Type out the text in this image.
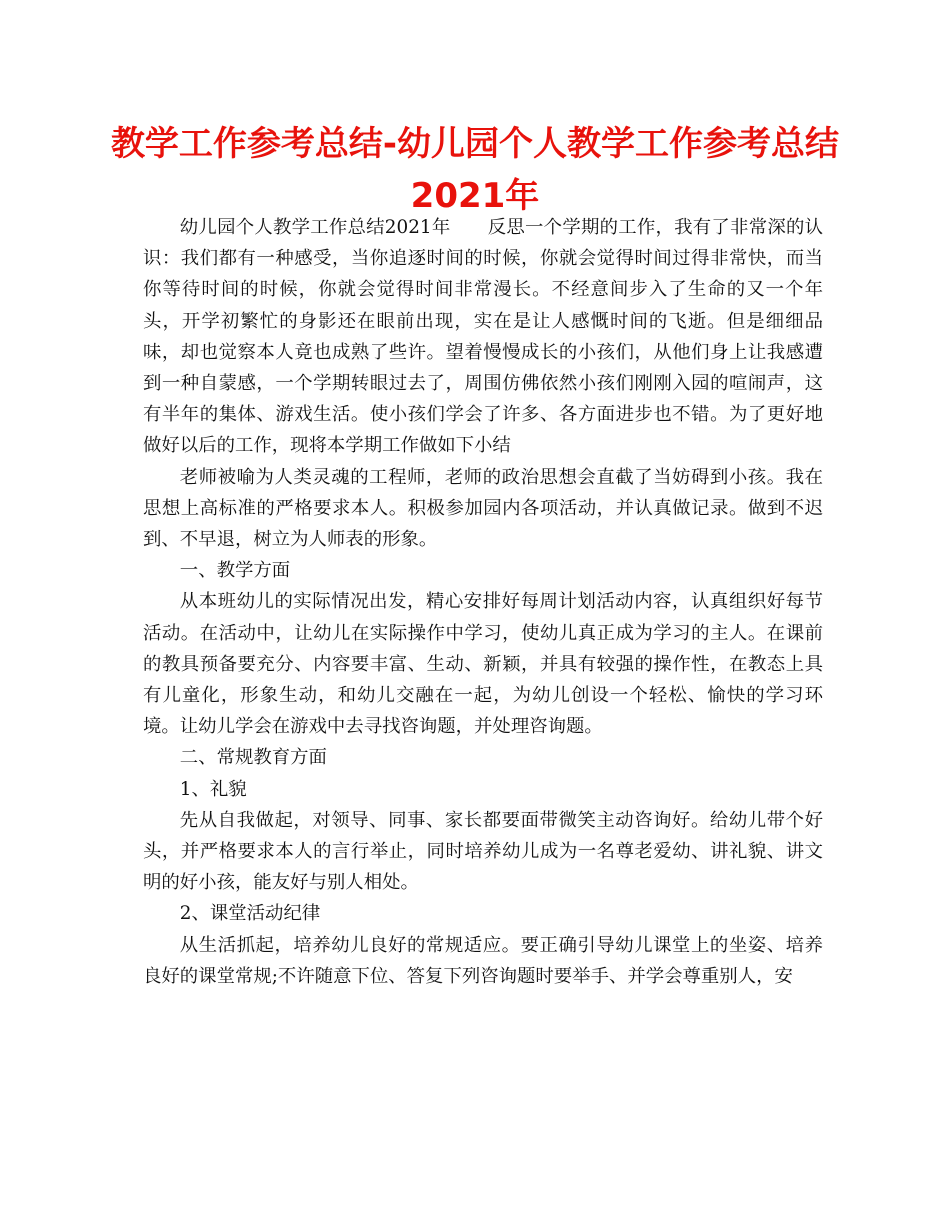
教学工作参考总结-幼儿园个人教学工作参考总结2021年

幼儿园个人教学工作总结2021年　　反思一个学期的工作，我有了非常深的认识：我们都有一种感受，当你追逐时间的时候，你就会觉得时间过得非常快，而当你等待时间的时候，你就会觉得时间非常漫长。不经意间步入了生命的又一个年头，开学初繁忙的身影还在眼前出现，实在是让人感慨时间的飞逝。但是细细品味，却也觉察本人竟也成熟了些许。望着慢慢成长的小孩们，从他们身上让我感遭到一种自蒙感，一个学期转眼过去了，周围仿佛依然小孩们刚刚入园的喧闹声，这有半年的集体、游戏生活。使小孩们学会了许多、各方面进步也不错。为了更好地做好以后的工作，现将本学期工作做如下小结

老师被喻为人类灵魂的工程师，老师的政治思想会直截了当妨碍到小孩。我在思想上高标准的严格要求本人。积极参加园内各项活动，并认真做记录。做到不迟到、不早退，树立为人师表的形象。

一、教学方面

从本班幼儿的实际情况出发，精心安排好每周计划活动内容，认真组织好每节活动。在活动中，让幼儿在实际操作中学习，使幼儿真正成为学习的主人。在课前的教具预备要充分、内容要丰富、生动、新颖，并具有较强的操作性，在教态上具有儿童化，形象生动，和幼儿交融在一起，为幼儿创设一个轻松、愉快的学习环境。让幼儿学会在游戏中去寻找咨询题，并处理咨询题。

二、常规教育方面

1、礼貌

先从自我做起，对领导、同事、家长都要面带微笑主动咨询好。给幼儿带个好头，并严格要求本人的言行举止，同时培养幼儿成为一名尊老爱幼、讲礼貌、讲文明的好小孩，能友好与别人相处。

2、课堂活动纪律

从生活抓起，培养幼儿良好的常规适应。要正确引导幼儿课堂上的坐姿、培养良好的课堂常规;不许随意下位、答复下列咨询题时要举手、并学会尊重别人，安
